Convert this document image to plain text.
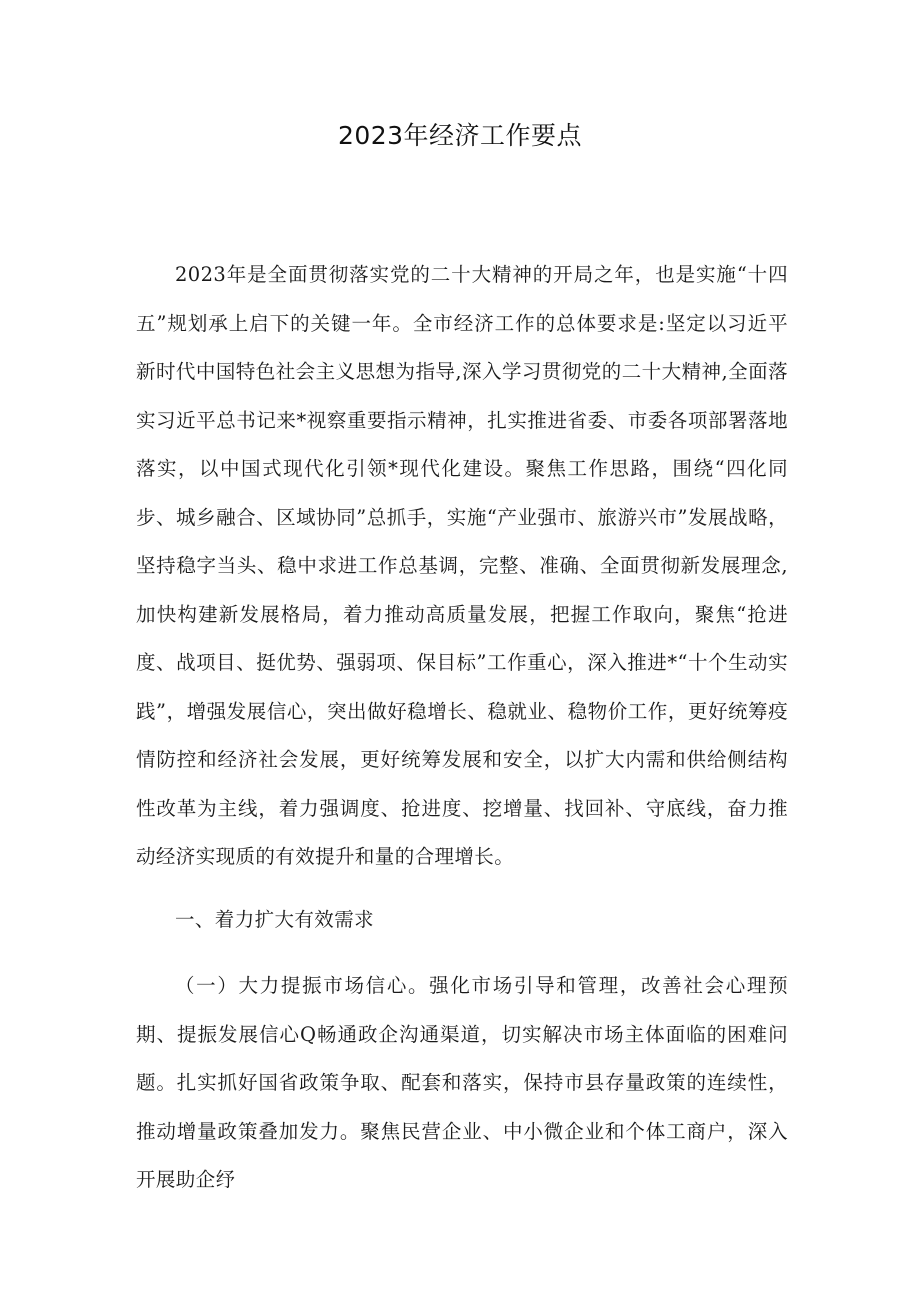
2023年经济工作要点
2023年是全面贯彻落实党的二十大精神的开局之年，也是实施“十四五”规划承上启下的关键一年。全市经济工作的总体要求是:坚定以习近平新时代中国特色社会主义思想为指导,深入学习贯彻党的二十大精神,全面落实习近平总书记来*视察重要指示精神，扎实推进省委、市委各项部署落地落实，以中国式现代化引领*现代化建设。聚焦工作思路，围绕“四化同步、城乡融合、区域协同”总抓手，实施“产业强市、旅游兴市”发展战略，坚持稳字当头、稳中求进工作总基调，完整、准确、全面贯彻新发展理念,加快构建新发展格局，着力推动高质量发展，把握工作取向，聚焦“抢进度、战项目、挺优势、强弱项、保目标”工作重心，深入推进*“十个生动实践”，增强发展信心，突出做好稳增长、稳就业、稳物价工作，更好统筹疫情防控和经济社会发展，更好统筹发展和安全，以扩大内需和供给侧结构性改革为主线，着力强调度、抢进度、挖增量、找回补、守底线，奋力推动经济实现质的有效提升和量的合理增长。
一、着力扩大有效需求
（一）大力提振市场信心。强化市场引导和管理，改善社会心理预期、提振发展信心Q畅通政企沟通渠道，切实解决市场主体面临的困难问题。扎实抓好国省政策争取、配套和落实，保持市县存量政策的连续性，推动增量政策叠加发力。聚焦民营企业、中小微企业和个体工商户，深入开展助企纾
